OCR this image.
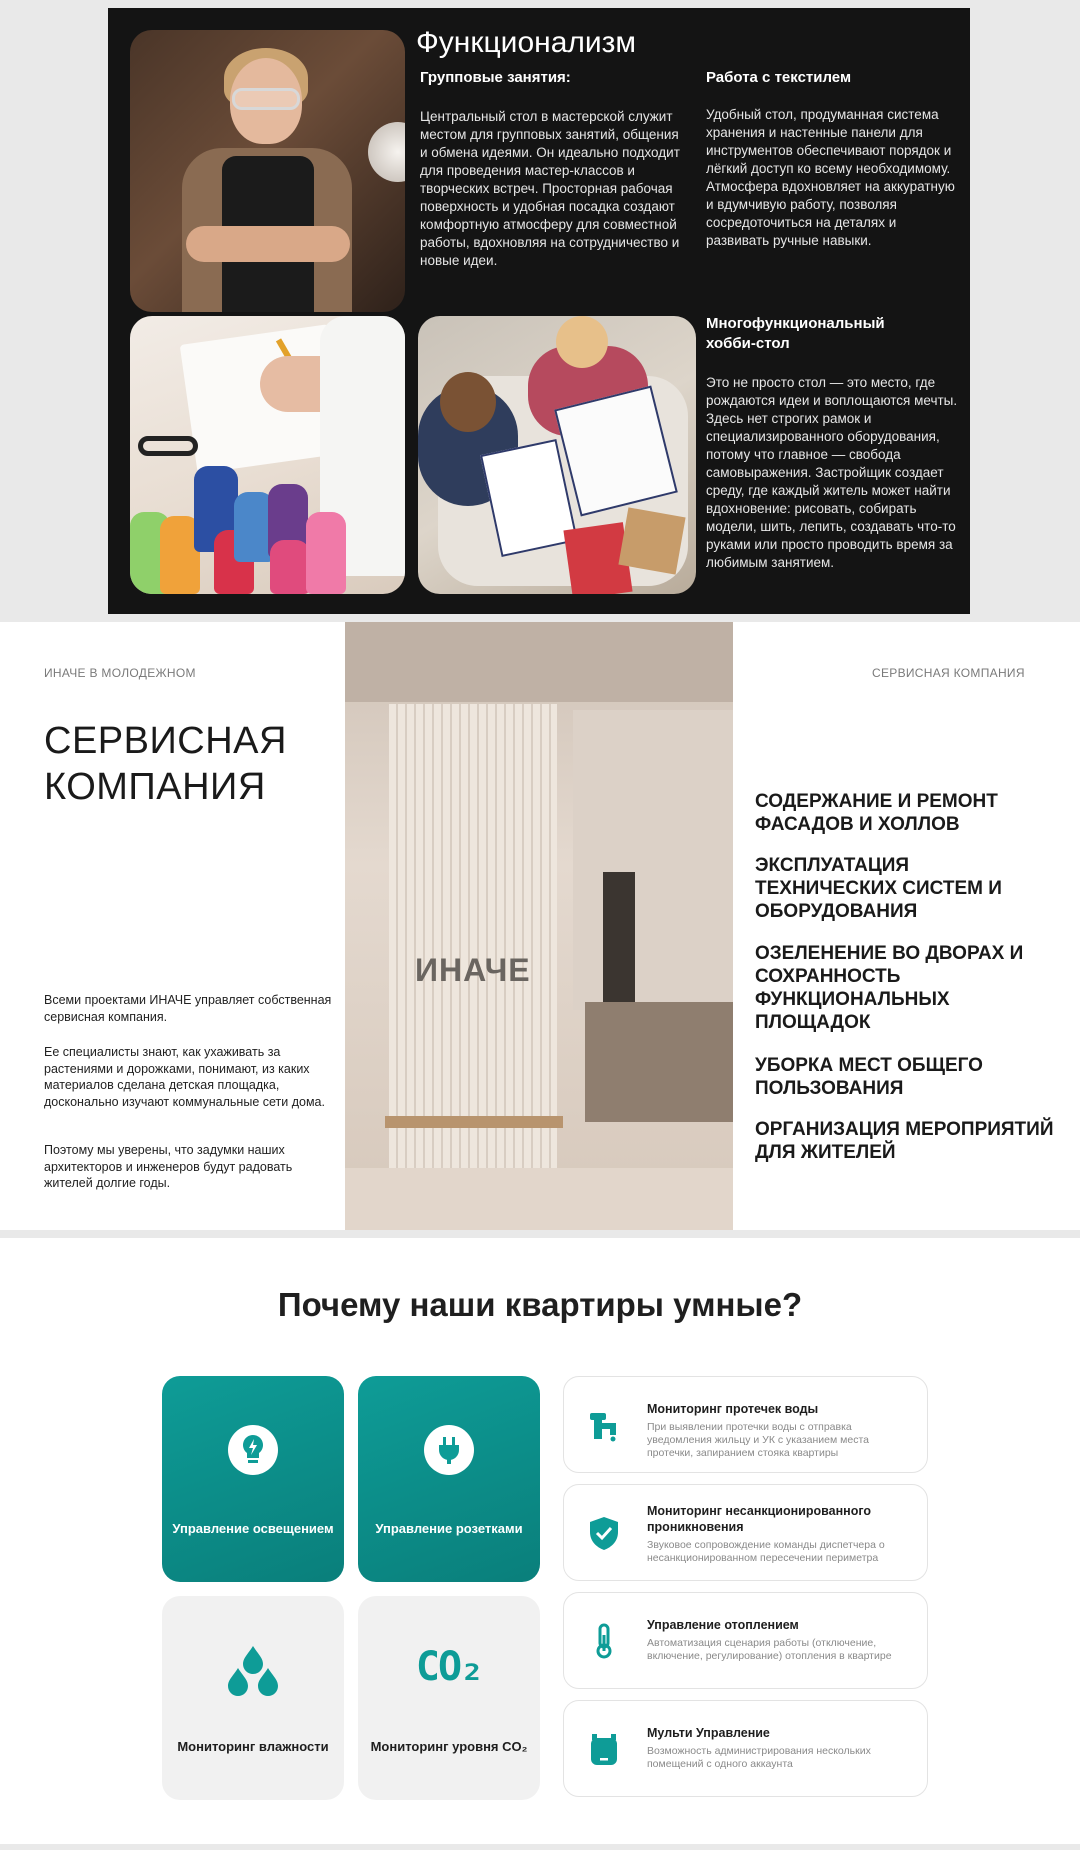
Функционализм
Групповые занятия:
Центральный стол в мастерской служит местом для групповых занятий, общения и обмена идеями. Он идеально подходит для проведения мастер-классов и творческих встреч. Просторная рабочая поверхность и удобная посадка создают комфортную атмосферу для совместной работы, вдохновляя на сотрудничество и новые идеи.
Работа с текстилем
Удобный стол, продуманная система хранения и настенные панели для инструментов обеспечивают порядок и лёгкий доступ ко всему необходимому. Атмосфера вдохновляет на аккуратную и вдумчивую работу, позволяя сосредоточиться на деталях и развивать ручные навыки.
Многофункциональный хобби-стол
Это не просто стол — это место, где рождаются идеи и воплощаются мечты. Здесь нет строгих рамок и специализированного оборудования, потому что главное — свобода самовыражения. Застройщик создает среду, где каждый житель может найти вдохновение: рисовать, собирать модели, шить, лепить, создавать что-то руками или просто проводить время за любимым занятием.
ИНАЧЕ В МОЛОДЕЖНОМ	СЕРВИСНАЯ КОМПАНИЯ
СЕРВИСНАЯ
КОМПАНИЯ
Всеми проектами ИНАЧЕ управляет собственная сервисная компания.
Ее специалисты знают, как ухаживать за растениями и дорожками, понимают, из каких материалов сделана детская площадка, досконально изучают коммунальные сети дома.
Поэтому мы уверены, что задумки наших архитекторов и инженеров будут радовать жителей долгие годы.
ИНАЧЕ
СОДЕРЖАНИЕ И РЕМОНТ ФАСАДОВ И ХОЛЛОВ
ЭКСПЛУАТАЦИЯ ТЕХНИЧЕСКИХ СИСТЕМ И ОБОРУДОВАНИЯ
ОЗЕЛЕНЕНИЕ ВО ДВОРАХ И СОХРАННОСТЬ ФУНКЦИОНАЛЬНЫХ ПЛОЩАДОК
УБОРКА МЕСТ ОБЩЕГО ПОЛЬЗОВАНИЯ
ОРГАНИЗАЦИЯ МЕРОПРИЯТИЙ ДЛЯ ЖИТЕЛЕЙ
Почему наши квартиры умные?
Управление освещением	Управление розетками
Мониторинг влажности
CO₂
Мониторинг уровня CO₂
Мониторинг протечек воды
При выявлении протечки воды с отправка уведомления жильцу и УК с указанием места протечки, запиранием стояка квартиры
Мониторинг несанкционированного проникновения
Звуковое сопровождение команды диспетчера о несанкционированном пересечении периметра
Управление отоплением
Автоматизация сценария работы (отключение, включение, регулирование) отопления в квартире
Мульти Управление
Возможность администрирования нескольких помещений с одного аккаунта
